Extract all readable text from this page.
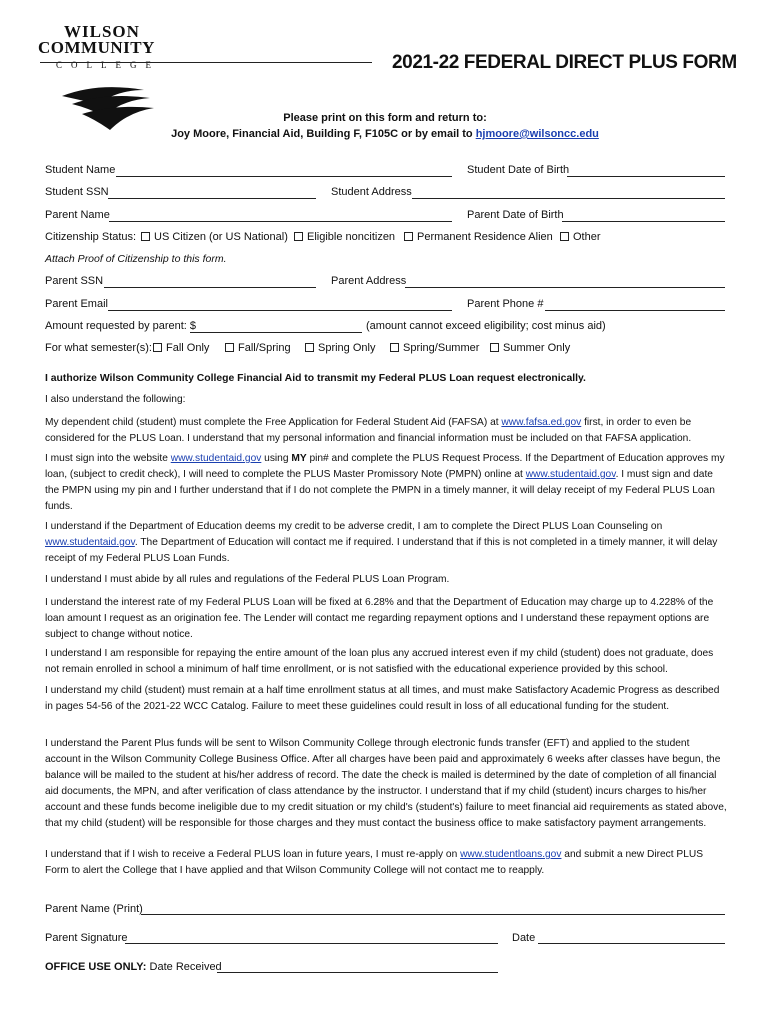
WILSON
COMMUNITY
COLLEGE	2021-22 FEDERAL DIRECT PLUS FORM
Please print on this form and return to:
Joy Moore, Financial Aid, Building F, F105C or by email to hjmoore@wilsoncc.edu
Student Name	Student Date of Birth
Student SSN	Student Address
Parent Name	Parent Date of Birth
Citizenship Status:	US Citizen (or US National)	Eligible noncitizen	Permanent Residence Alien	Other
Attach Proof of Citizenship to this form.
Parent SSN	Parent Address
Parent Email	Parent Phone #
Amount requested by parent: $	(amount cannot exceed eligibility; cost minus aid)
For what semester(s):	Fall Only	Fall/Spring	Spring Only	Spring/Summer	Summer Only
I authorize Wilson Community College Financial Aid to transmit my Federal PLUS Loan request electronically.
I also understand the following:
My dependent child (student) must complete the Free Application for Federal Student Aid (FAFSA) at www.fafsa.ed.gov first, in order to even be considered for the PLUS Loan. I understand that my personal information and financial information must be included on that FAFSA application.
I must sign into the website www.studentaid.gov using MY pin# and complete the PLUS Request Process. If the Department of Education approves my loan, (subject to credit check), I will need to complete the PLUS Master Promissory Note (PMPN) online at www.studentaid.gov. I must sign and date the PMPN using my pin and I further understand that if I do not complete the PMPN in a timely manner, it will delay receipt of my Federal PLUS Loan funds.
I understand if the Department of Education deems my credit to be adverse credit, I am to complete the Direct PLUS Loan Counseling on www.studentaid.gov. The Department of Education will contact me if required. I understand that if this is not completed in a timely manner, it will delay receipt of my Federal PLUS Loan Funds.
I understand I must abide by all rules and regulations of the Federal PLUS Loan Program.
I understand the interest rate of my Federal PLUS Loan will be fixed at 6.28% and that the Department of Education may charge up to 4.228% of the loan amount I request as an origination fee. The Lender will contact me regarding repayment options and I understand these repayment options are subject to change without notice.
I understand I am responsible for repaying the entire amount of the loan plus any accrued interest even if my child (student) does not graduate, does not remain enrolled in school a minimum of half time enrollment, or is not satisfied with the educational experience provided by this school.
I understand my child (student) must remain at a half time enrollment status at all times, and must make Satisfactory Academic Progress as described in pages 54-56 of the 2021-22 WCC Catalog. Failure to meet these guidelines could result in loss of all educational funding for the student.
I understand the Parent Plus funds will be sent to Wilson Community College through electronic funds transfer (EFT) and applied to the student account in the Wilson Community College Business Office. After all charges have been paid and approximately 6 weeks after classes have begun, the balance will be mailed to the student at his/her address of record. The date the check is mailed is determined by the date of completion of all financial aid documents, the MPN, and after verification of class attendance by the instructor. I understand that if my child (student) incurs charges to his/her account and these funds become ineligible due to my credit situation or my child's (student's) failure to meet financial aid requirements as stated above, that my child (student) will be responsible for those charges and they must contact the business office to make satisfactory payment arrangements.
I understand that if I wish to receive a Federal PLUS loan in future years, I must re-apply on www.studentloans.gov and submit a new Direct PLUS Form to alert the College that I have applied and that Wilson Community College will not contact me to reapply.
Parent Name (Print)
Parent Signature	Date
OFFICE USE ONLY: Date Received
